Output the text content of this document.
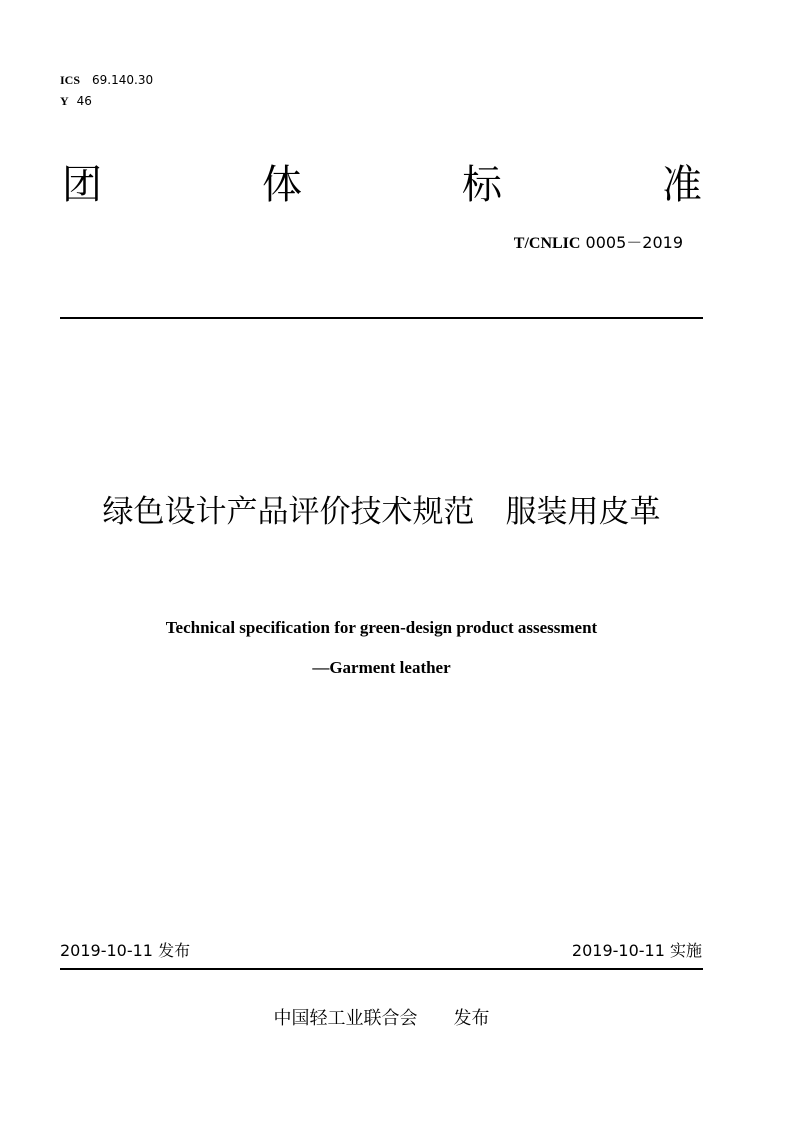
ICS 69.140.30
Y 46
团	体	标	准
T/CNLIC 0005－2019
绿色设计产品评价技术规范　服装用皮革
Technical specification for green-design product assessment
—Garment leather
2019-10-11 发布	2019-10-11 实施
中国轻工业联合会　　发布
